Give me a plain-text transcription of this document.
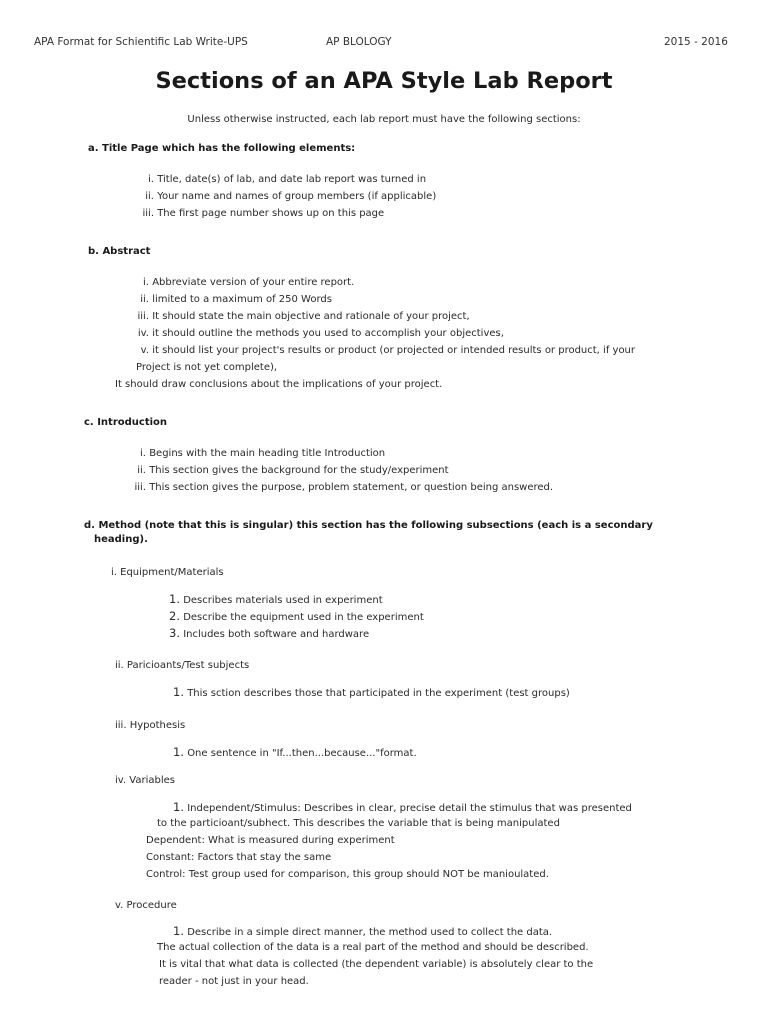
APA Format for Schientific Lab Write-UPS	AP BLOLOGY	2015 - 2016
Sections of an APA Style Lab Report
Unless otherwise instructed, each lab report must have the following sections:
a. Title Page which has the following elements:
i. Title, date(s) of lab, and date lab report was turned in
ii. Your name and names of group members (if applicable)
iii. The first page number shows up on this page
b. Abstract
i. Abbreviate version of your entire report.
ii. limited to a maximum of 250 Words
iii. It should state the main objective and rationale of your project,
iv. it should outline the methods you used to accomplish your objectives,
v. it should list your project's results or product (or projected or intended results or product, if your
Project is not yet complete),
It should draw conclusions about the implications of your project.
c. Introduction
i. Begins with the main heading title Introduction
ii. This section gives the background for the study/experiment
iii. This section gives the purpose, problem statement, or question being answered.
d. Method (note that this is singular) this section has the following subsections (each is a secondary
heading).
i. Equipment/Materials
1. Describes materials used in experiment
2. Describe the equipment used in the experiment
3. Includes both software and hardware
ii. Paricioants/Test subjects
1. This sction describes those that participated in the experiment (test groups)
iii. Hypothesis
1. One sentence in "If...then...because..."format.
iv. Variables
1. Independent/Stimulus: Describes in clear, precise detail the stimulus that was presented
to the particioant/subhect. This describes the variable that is being manipulated
Dependent: What is measured during experiment
Constant: Factors that stay the same
Control: Test group used for comparison, this group should NOT be manioulated.
v. Procedure
1. Describe in a simple direct manner, the method used to collect the data.
The actual collection of the data is a real part of the method and should be described.
It is vital that what data is collected (the dependent variable) is absolutely clear to the
reader - not just in your head.
